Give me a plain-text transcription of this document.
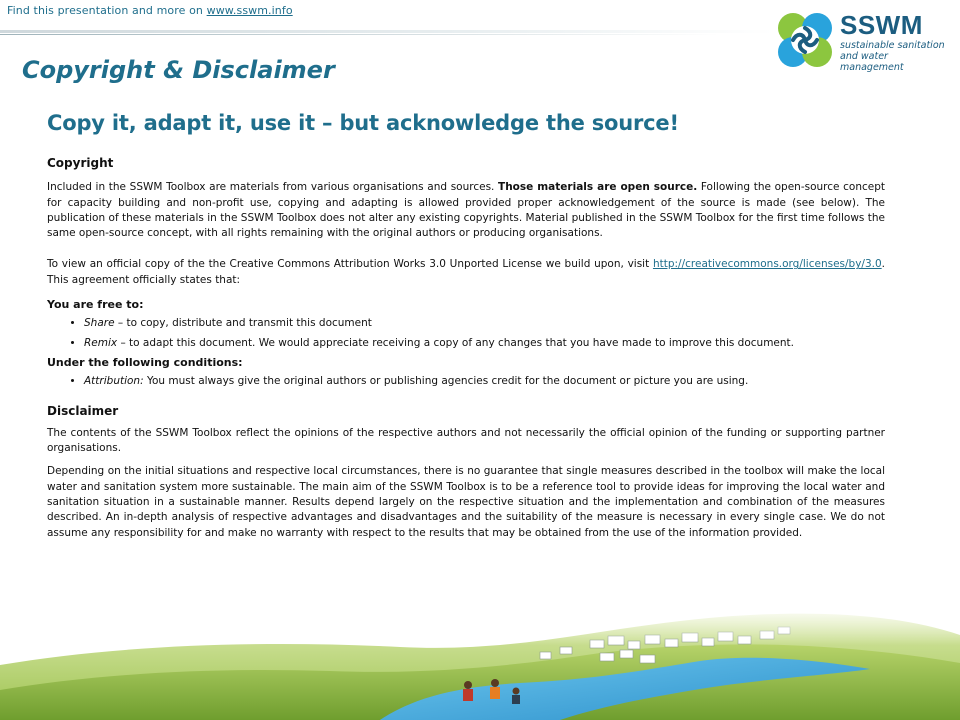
Find this presentation and more on www.sswm.info	SSWM
sustainable sanitation
and water management
Copyright & Disclaimer
Copy it, adapt it, use it – but acknowledge the source!
Copyright

Included in the SSWM Toolbox are materials from various organisations and sources. Those materials are open source. Following the open-source concept for capacity building and non-profit use, copying and adapting is allowed provided proper acknowledgement of the source is made (see below). The publication of these materials in the SSWM Toolbox does not alter any existing copyrights. Material published in the SSWM Toolbox for the first time follows the same open-source concept, with all rights remaining with the original authors or producing organisations.

To view an official copy of the the Creative Commons Attribution Works 3.0 Unported License we build upon, visit http://creativecommons.org/licenses/by/3.0. This agreement officially states that:

You are free to:
• Share – to copy, distribute and transmit this document
• Remix – to adapt this document. We would appreciate receiving a copy of any changes that you have made to improve this document.
Under the following conditions:
• Attribution: You must always give the original authors or publishing agencies credit for the document or picture you are using.
Disclaimer

The contents of the SSWM Toolbox reflect the opinions of the respective authors and not necessarily the official opinion of the funding or supporting partner organisations.

Depending on the initial situations and respective local circumstances, there is no guarantee that single measures described in the toolbox will make the local water and sanitation system more sustainable. The main aim of the SSWM Toolbox is to be a reference tool to provide ideas for improving the local water and sanitation situation in a sustainable manner. Results depend largely on the respective situation and the implementation and combination of the measures described. An in-depth analysis of respective advantages and disadvantages and the suitability of the measure is necessary in every single case. We do not assume any responsibility for and make no warranty with respect to the results that may be obtained from the use of the information provided.
